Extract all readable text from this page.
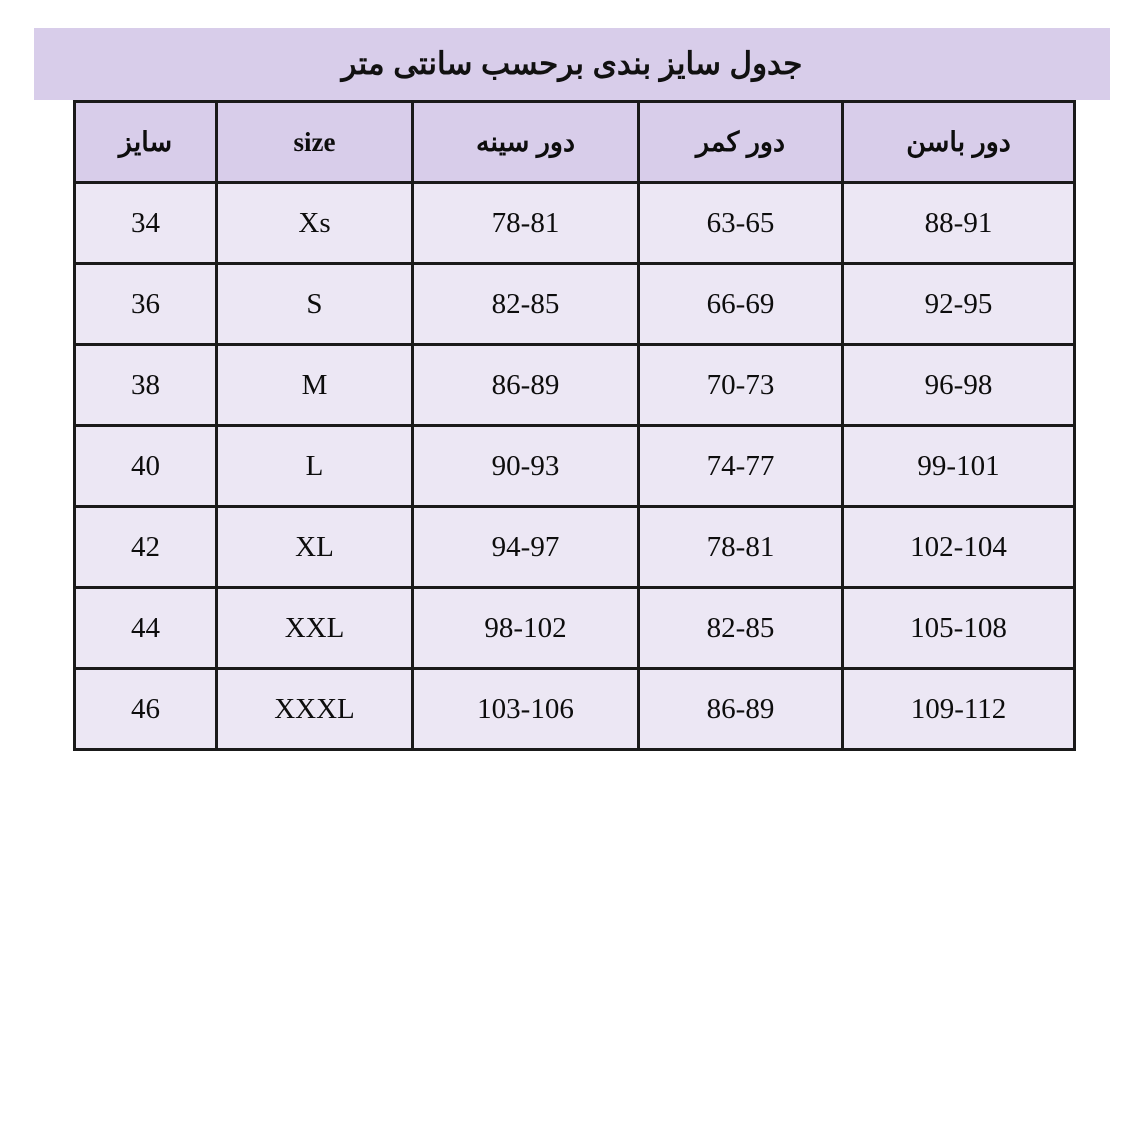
جدول سایز بندی برحسب سانتی متر
دور باسن	دور کمر	دور سینه	size	سایز
88-91	63-65	78-81	Xs	34
92-95	66-69	82-85	S	36
96-98	70-73	86-89	M	38
99-101	74-77	90-93	L	40
102-104	78-81	94-97	XL	42
105-108	82-85	98-102	XXL	44
109-112	86-89	103-106	XXXL	46
